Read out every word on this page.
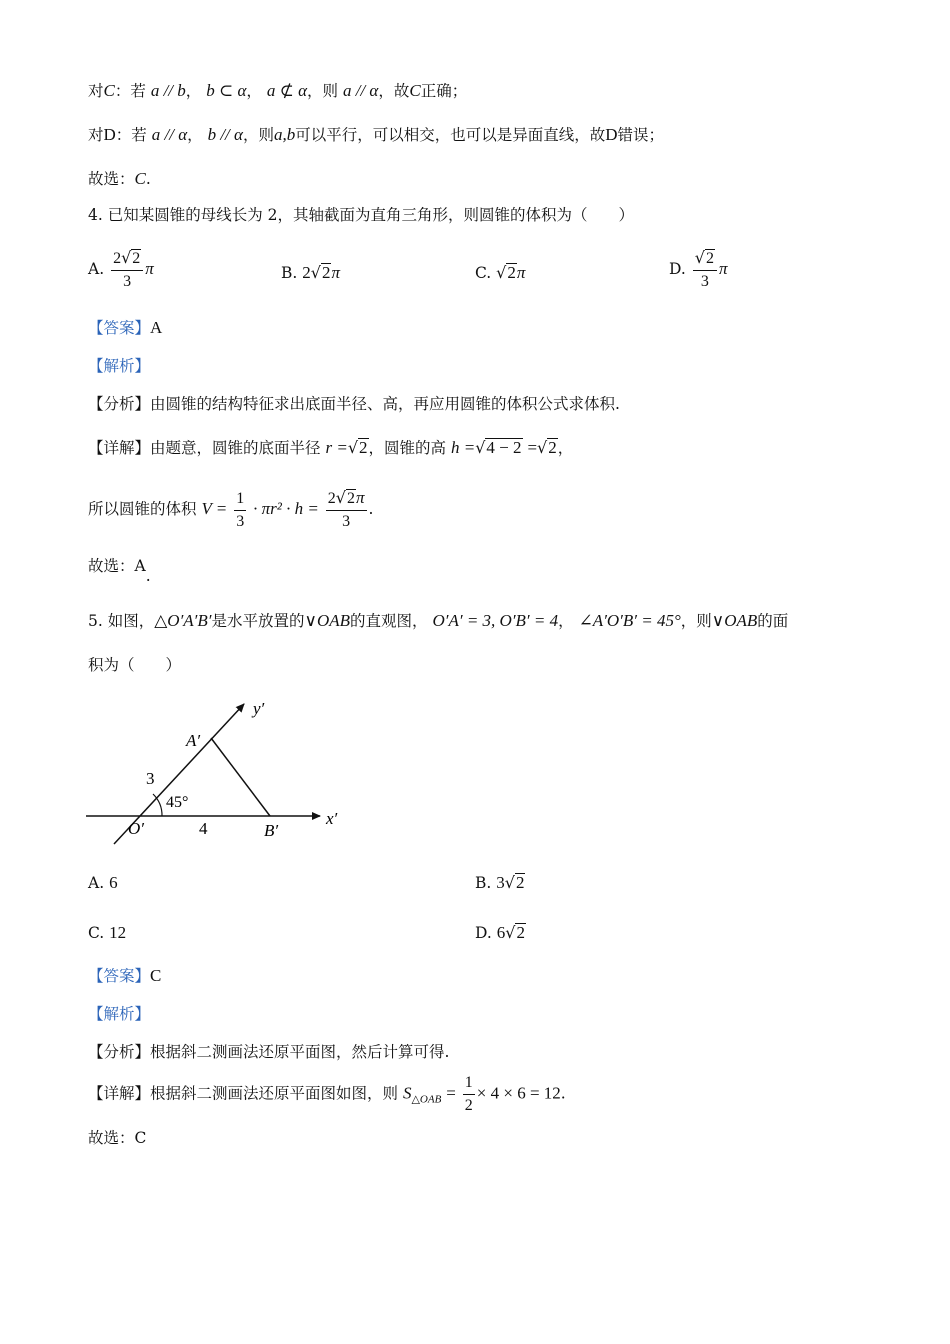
对C：若 a // b， b ⊂ α， a ⊄ α，则 a // α，故C正确；
对D：若 a // α， b // α，则a,b可以平行，可以相交，也可以是异面直线，故D错误；
故选：C.
4. 已知某圆锥的母线长为 2，其轴截面为直角三角形，则圆锥的体积为（　　）
A. $\frac{2√2}{3}$ π	B. 2√2π	C. √2π	D. $\frac{√2}{3}$ π
【答案】A
【解析】
【分析】由圆锥的结构特征求出底面半径、高，再应用圆锥的体积公式求体积.
【详解】由题意，圆锥的底面半径 r =√2，圆锥的高 h =√4 − 2 =√2，
所以圆锥的体积 $V = \frac{1}{3} \cdot \pi r^2 \cdot h = \frac{2√2\pi}{3}$ .
故选：A.
5. 如图，△O′A′B′是水平放置的∨OAB的直观图， O′A′ = 3, O′B′ = 4， ∠A′O′B′ = 45°，则∨OAB的面
积为（　　）
y′
x′
A′
O′	B′
3
4
45°
A. 6	B. 3√2
C. 12	D. 6√2
【答案】C
【解析】
【分析】根据斜二测画法还原平面图，然后计算可得.
【详解】根据斜二测画法还原平面图如图，则 $S_{\triangle OAB} = \frac{1}{2} \times 4 \times 6 = 12$.
故选：C
